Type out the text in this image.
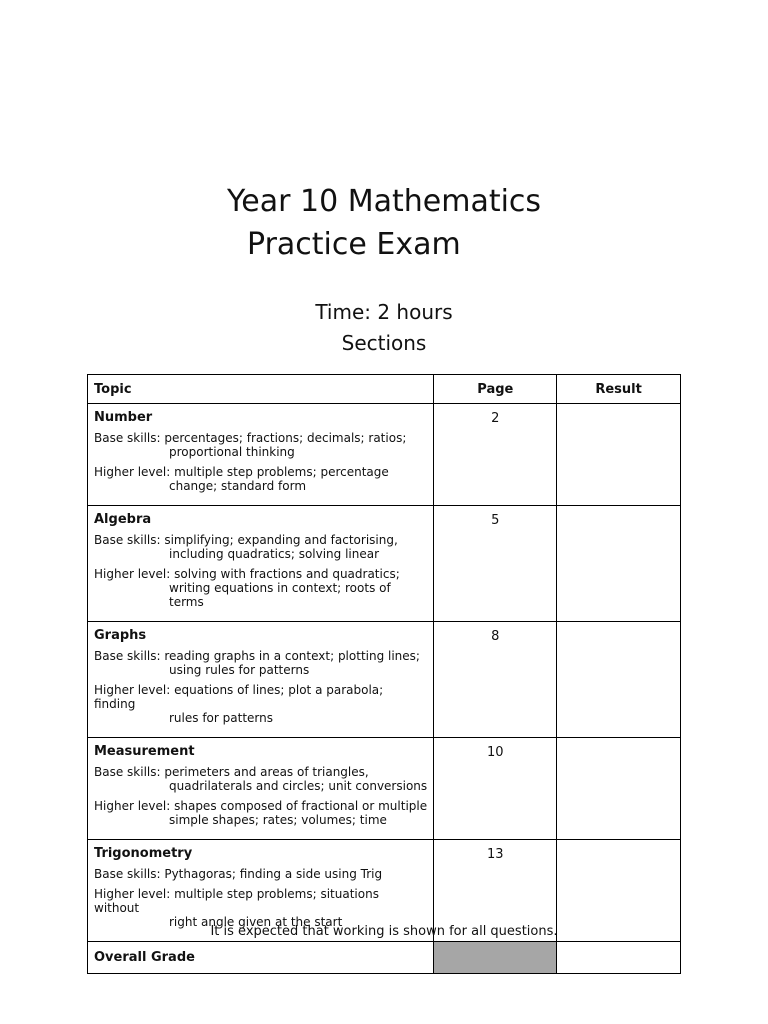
Year 10 Mathematics
Practice Exam
Time: 2 hours
Sections
Topic	Page	Result

Number
Base skills: percentages; fractions; decimals; ratios;
proportional thinking
Higher level: multiple step problems; percentage
change; standard form	2	

Algebra
Base skills: simplifying; expanding and factorising,
including quadratics; solving linear
Higher level: solving with fractions and quadratics;
writing equations in context; roots of terms	5	

Graphs
Base skills: reading graphs in a context; plotting lines;
using rules for patterns
Higher level: equations of lines; plot a parabola; finding
rules for patterns	8	

Measurement
Base skills: perimeters and areas of triangles,
quadrilaterals and circles; unit conversions
Higher level: shapes composed of fractional or multiple
simple shapes; rates; volumes; time	10	

Trigonometry
Base skills: Pythagoras; finding a side using Trig
Higher level: multiple step problems; situations without
right angle given at the start	13	
Overall Grade		
It is expected that working is shown for all questions.
